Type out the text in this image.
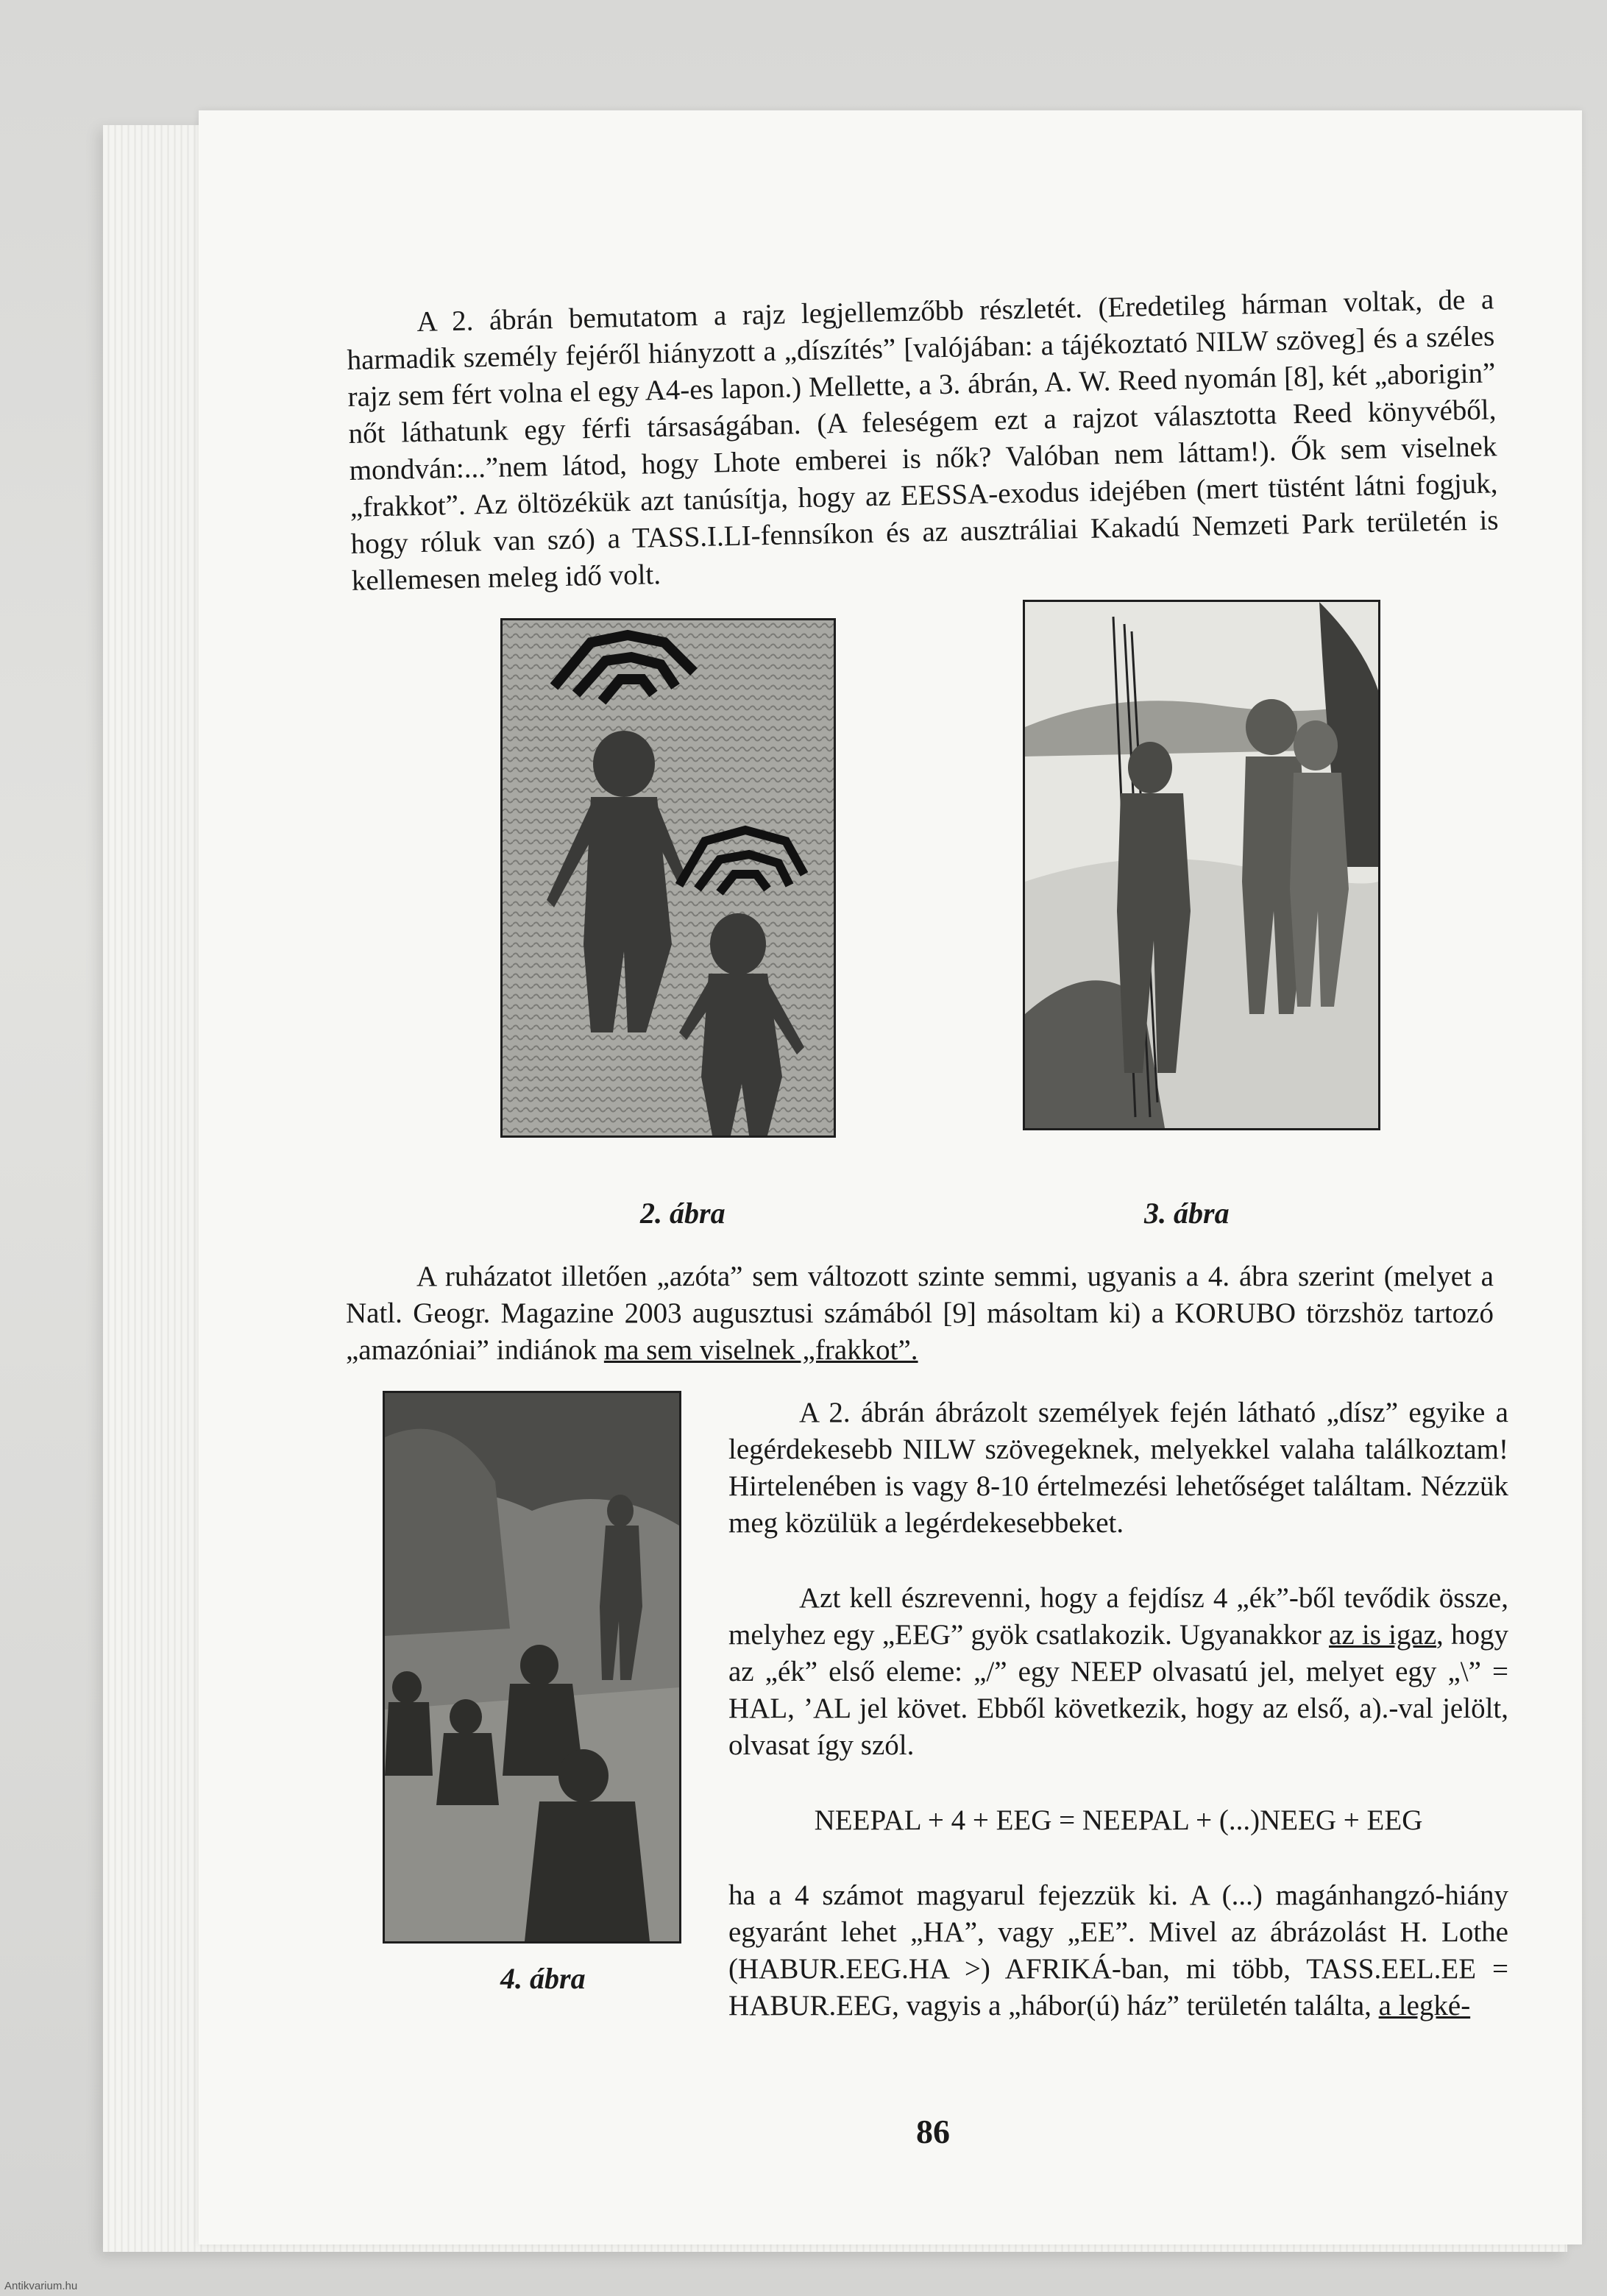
A 2. ábrán bemutatom a rajz legjellemzőbb részletét. (Eredetileg hárman voltak, de a harmadik személy fejéről hiányzott a „díszítés” [valójában: a tájékoztató NILW szöveg] és a széles rajz sem fért volna el egy A4-es lapon.) Mellette, a 3. ábrán, A. W. Reed nyomán [8], két „aborigin” nőt láthatunk egy férfi társaságában. (A feleségem ezt a rajzot választotta Reed könyvéből, mondván:...”nem látod, hogy Lhote emberei is nők? Valóban nem láttam!). Ők sem viselnek „frakkot”. Az öltözékük azt tanúsítja, hogy az EESSA-exodus idejében (mert tüstént látni fogjuk, hogy róluk van szó) a TASS.I.LI-fennsíkon és az ausztráliai Kakadú Nemzeti Park területén is kellemesen meleg idő volt.

2. ábra	3. ábra

A ruházatot illetően „azóta” sem változott szinte semmi, ugyanis a 4. ábra szerint (melyet a Natl. Geogr. Magazine 2003 augusztusi számából [9] másoltam ki) a KORUBO törzshöz tartozó „amazóniai” indiánok ma sem viselnek „frakkot”.

4. ábra

A 2. ábrán ábrázolt személyek fején látható „dísz” egyike a legérdekesebb NILW szövegeknek, melyekkel valaha találkoztam! Hirtelenében is vagy 8-10 értelmezési lehetőséget találtam. Nézzük meg közülük a legérdekesebbeket.

Azt kell észrevenni, hogy a fejdísz 4 „ék”-ből tevődik össze, melyhez egy „EEG” gyök csatlakozik. Ugyanakkor az is igaz, hogy az „ék” első eleme: „/” egy NEEP olvasatú jel, melyet egy „\” = HAL, ’AL jel követ. Ebből következik, hogy az első, a).-val jelölt, olvasat így szól.

NEEPAL + 4 + EEG = NEEPAL + (...)NEEG + EEG

ha a 4 számot magyarul fejezzük ki. A (...) magánhangzó-hiány egyaránt lehet „HA”, vagy „EE”. Mivel az ábrázolást H. Lothe (HABUR.EEG.HA >) AFRIKÁ-ban, mi több, TASS.EEL.EE = HABUR.EEG, vagyis a „hábor(ú) ház” területén találta, a legké-

86
Antikvarium.hu
